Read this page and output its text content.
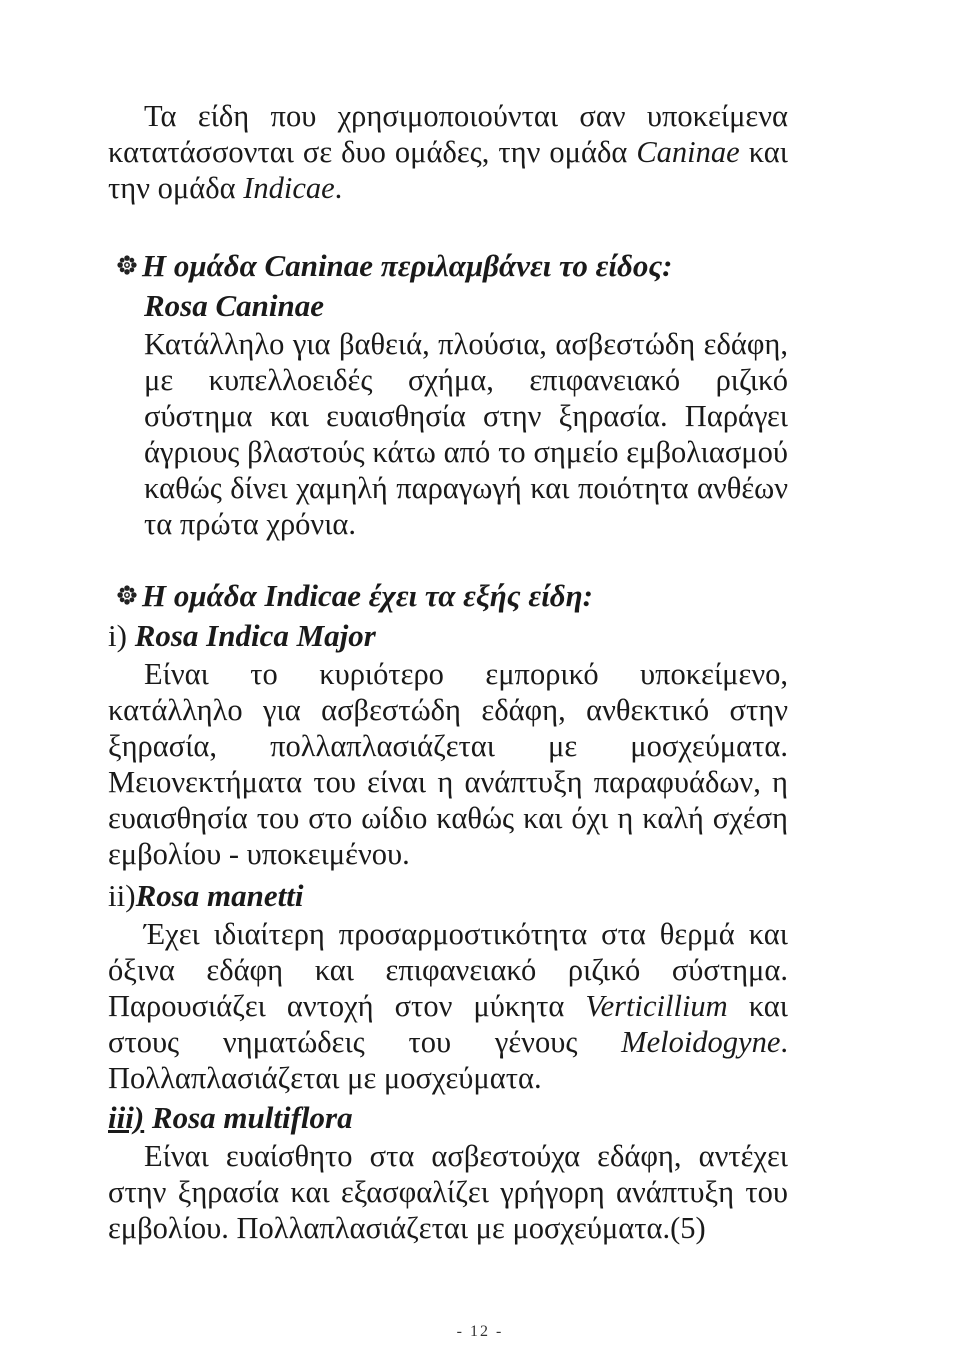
Τα είδη που χρησιμοποιούνται σαν υποκείμενα κατατάσσονται σε δυο ομάδες, την ομάδα Caninae και την ομάδα Indicae.

Η ομάδα Caninae περιλαμβάνει το είδος:

Rosa Caninae

Κατάλληλο για βαθειά, πλούσια, ασβεστώδη εδάφη, με κυπελλοειδές σχήμα, επιφανειακό ριζικό σύστημα και ευαισθησία στην ξηρασία. Παράγει άγριους βλαστούς κάτω από το σημείο εμβολιασμού καθώς δίνει χαμηλή παραγωγή και ποιότητα ανθέων τα πρώτα χρόνια.

Η ομάδα Indicae έχει τα εξής είδη:

i) Rosa Indica Major

Είναι το κυριότερο εμπορικό υποκείμενο, κατάλληλο για ασβεστώδη εδάφη, ανθεκτικό στην ξηρασία, πολλαπλασιάζεται με μοσχεύματα. Μειονεκτήματα του είναι η ανάπτυξη παραφυάδων, η ευαισθησία του στο ωίδιο καθώς και όχι η καλή σχέση εμβολίου - υποκειμένου.

ii)Rosa manetti

Έχει ιδιαίτερη προσαρμοστικότητα στα θερμά και όξινα εδάφη και επιφανειακό ριζικό σύστημα. Παρουσιάζει αντοχή στον μύκητα Verticillium και στους νηματώδεις του γένους Meloidogyne. Πολλαπλασιάζεται με μοσχεύματα.

iii) Rosa multiflora

Είναι ευαίσθητο στα ασβεστούχα εδάφη, αντέχει στην ξηρασία και εξασφαλίζει γρήγορη ανάπτυξη του εμβολίου. Πολλαπλασιάζεται με μοσχεύματα.(5)

- 12 -
